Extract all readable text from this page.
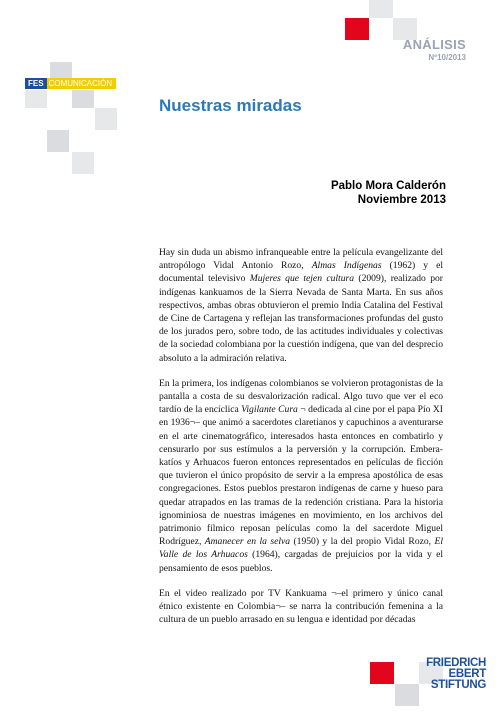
ANÁLISIS
Nº10/2013
FES COMUNICACIÓN
Nuestras miradas
Pablo Mora Calderón
Noviembre 2013

Hay sin duda un abismo infranqueable entre la película evangelizante del antropólogo Vidal Antonio Rozo, Almas Indígenas (1962) y el documental televisivo Mujeres que tejen cultura (2009), realizado por indígenas kankuamos de la Sierra Nevada de Santa Marta. En sus años respectivos, ambas obras obtuvieron el premio India Catalina del Festival de Cine de Cartagena y reflejan las transformaciones profundas del gusto de los jurados pero, sobre todo, de las actitudes individuales y colectivas de la sociedad colombiana por la cuestión indígena, que van del desprecio absoluto a la admiración relativa.

En la primera, los indígenas colombianos se volvieron protagonistas de la pantalla a costa de su desvalorización radical. Algo tuvo que ver el eco tardío de la encíclica Vigilante Cura ¬ dedicada al cine por el papa Pío XI en 1936¬– que animó a sacerdotes claretianos y capuchinos a aventurarse en el arte cinematográfico, interesados hasta entonces en combatirlo y censurarlo por sus estímulos a la perversión y la corrupción. Embera-katíos y Arhuacos fueron entonces representados en películas de ficción que tuvieron el único propósito de servir a la empresa apostólica de esas congregaciones. Estos pueblos prestaron indígenas de carne y hueso para quedar atrapados en las tramas de la redención cristiana. Para la historia ignominiosa de nuestras imágenes en movimiento, en los archivos del patrimonio fílmico reposan películas como la del sacerdote Miguel Rodríguez, Amanecer en la selva (1950) y la del propio Vidal Rozo, El Valle de los Arhuacos (1964), cargadas de prejuicios por la vida y el pensamiento de esos pueblos.

En el video realizado por TV Kankuama ¬–el primero y único canal étnico existente en Colombia¬– se narra la contribución femenina a la cultura de un pueblo arrasado en su lengua e identidad por décadas

FRIEDRICH
EBERT
STIFTUNG
